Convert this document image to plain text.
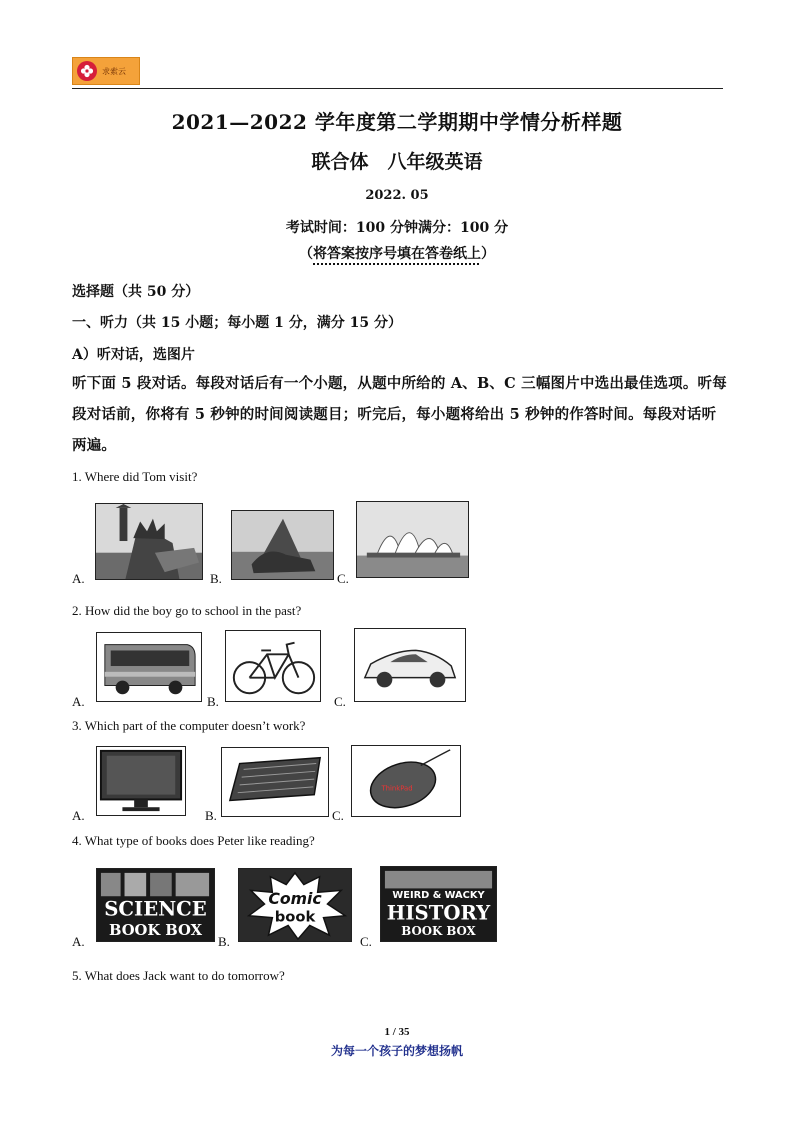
求索云
2021—2022 学年度第二学期期中学情分析样题
联合体　八年级英语
2022. 05
考试时间：100 分钟满分：100 分
（将答案按序号填在答卷纸上）
选择题（共 50 分）
一、听力（共 15 小题；每小题 1 分，满分 15 分）
A）听对话，选图片
听下面 5 段对话。每段对话后有一个小题，从题中所给的 A、B、C 三幅图片中选出最佳选项。听每段对话前，你将有 5 秒钟的时间阅读题目；听完后，每小题将给出 5 秒钟的作答时间。每段对话听两遍。
1. Where did Tom visit?
A.	B.	C.
2. How did the boy go to school in the past?
A.	B.	C.
3. Which part of the computer doesn’t work?
A.	B.	C.
ThinkPad
4. What type of books does Peter like reading?
A.
SCIENCE
BOOK BOX
B.
Comic
book
C.
WEIRD & WACKY
HISTORY
BOOK BOX
5. What does Jack want to do tomorrow?
1 / 35
为每一个孩子的梦想扬帆
